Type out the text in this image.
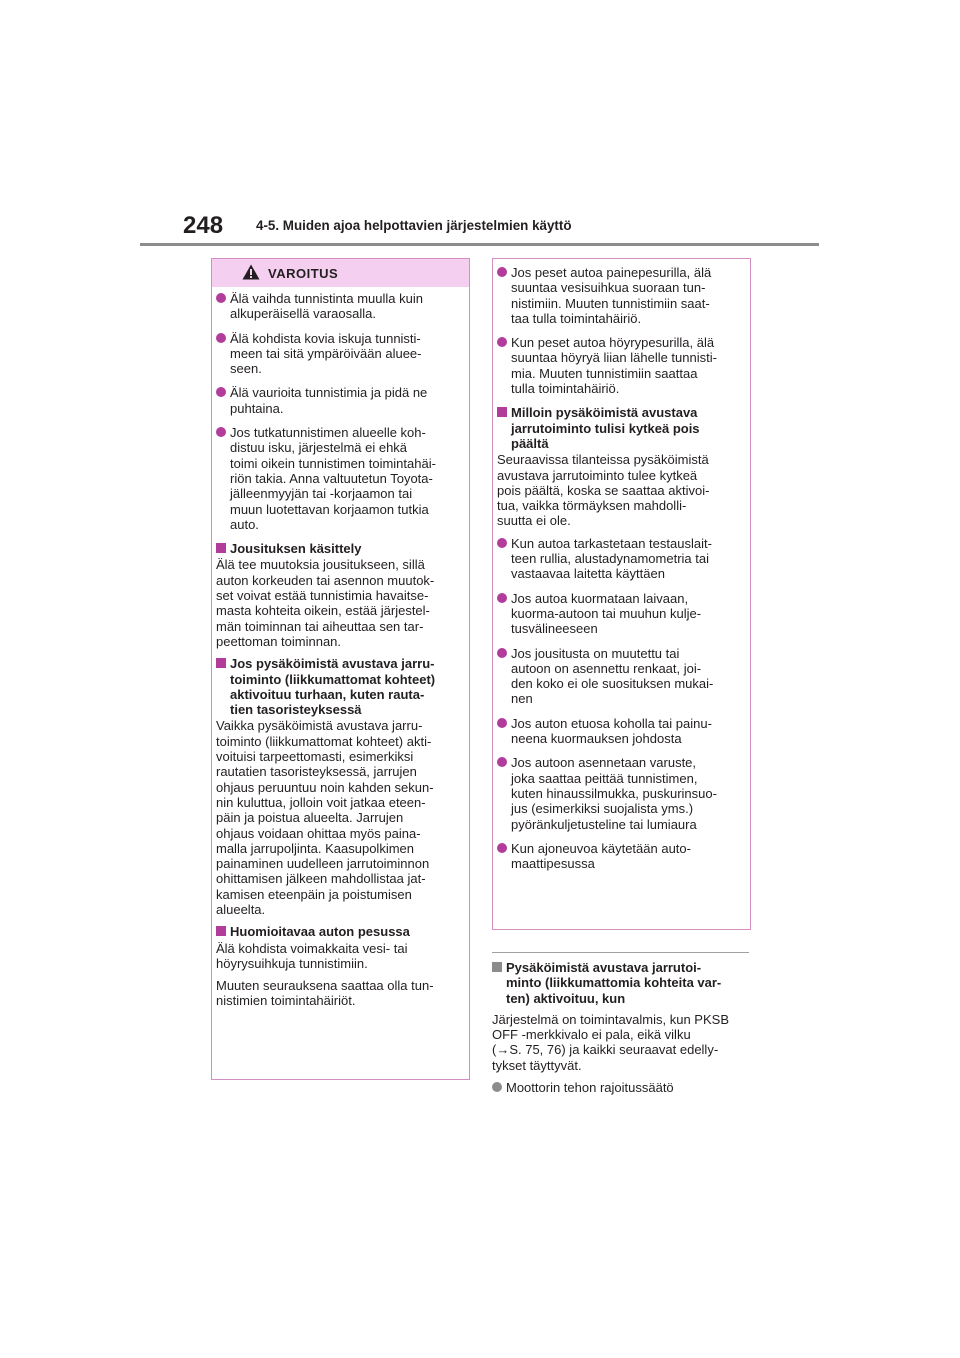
248 4-5. Muiden ajoa helpottavien järjestelmien käyttö
VAROITUS
Älä vaihda tunnistinta muulla kuin
alkuperäisellä varaosalla.
Älä kohdista kovia iskuja tunnisti-
meen tai sitä ympäröivään aluee-
seen.
Älä vaurioita tunnistimia ja pidä ne
puhtaina.
Jos tutkatunnistimen alueelle koh-
distuu isku, järjestelmä ei ehkä
toimi oikein tunnistimen toimintahäi-
riön takia. Anna valtuutetun Toyota-
jälleenmyyjän tai -korjaamon tai
muun luotettavan korjaamon tutkia
auto.
Jousituksen käsittely
Älä tee muutoksia jousitukseen, sillä
auton korkeuden tai asennon muutok-
set voivat estää tunnistimia havaitse-
masta kohteita oikein, estää järjestel-
män toiminnan tai aiheuttaa sen tar-
peettoman toiminnan.
Jos pysäköimistä avustava jarru-
toiminto (liikkumattomat kohteet)
aktivoituu turhaan, kuten rauta-
tien tasoristeyksessä
Vaikka pysäköimistä avustava jarru-
toiminto (liikkumattomat kohteet) akti-
voituisi tarpeettomasti, esimerkiksi
rautatien tasoristeyksessä, jarrujen
ohjaus peruuntuu noin kahden sekun-
nin kuluttua, jolloin voit jatkaa eteen-
päin ja poistua alueelta. Jarrujen
ohjaus voidaan ohittaa myös paina-
malla jarrupoljinta. Kaasupolkimen
painaminen uudelleen jarrutoiminnon
ohittamisen jälkeen mahdollistaa jat-
kamisen eteenpäin ja poistumisen
alueelta.
Huomioitavaa auton pesussa
Älä kohdista voimakkaita vesi- tai
höyrysuihkuja tunnistimiin.
Muuten seurauksena saattaa olla tun-
nistimien toimintahäiriöt.
Jos peset autoa painepesurilla, älä
suuntaa vesisuihkua suoraan tun-
nistimiin. Muuten tunnistimiin saat-
taa tulla toimintahäiriö.
Kun peset autoa höyrypesurilla, älä
suuntaa höyryä liian lähelle tunnisti-
mia. Muuten tunnistimiin saattaa
tulla toimintahäiriö.
Milloin pysäköimistä avustava
jarrutoiminto tulisi kytkeä pois
päältä
Seuraavissa tilanteissa pysäköimistä
avustava jarrutoiminto tulee kytkeä
pois päältä, koska se saattaa aktivoi-
tua, vaikka törmäyksen mahdolli-
suutta ei ole.
Kun autoa tarkastetaan testauslait-
teen rullia, alustadynamometria tai
vastaavaa laitetta käyttäen
Jos autoa kuormataan laivaan,
kuorma-autoon tai muuhun kulje-
tusvälineeseen
Jos jousitusta on muutettu tai
autoon on asennettu renkaat, joi-
den koko ei ole suosituksen mukai-
nen
Jos auton etuosa koholla tai painu-
neena kuormauksen johdosta
Jos autoon asennetaan varuste,
joka saattaa peittää tunnistimen,
kuten hinaussilmukka, puskurinsuo-
jus (esimerkiksi suojalista yms.)
pyöränkuljetusteline tai lumiaura
Kun ajoneuvoa käytetään auto-
maattipesussa
Pysäköimistä avustava jarrutoi-
minto (liikkumattomia kohteita var-
ten) aktivoituu, kun
Järjestelmä on toimintavalmis, kun PKSB
OFF -merkkivalo ei pala, eikä vilku
(→S. 75, 76) ja kaikki seuraavat edelly-
tykset täyttyvät.
Moottorin tehon rajoitussäätö
